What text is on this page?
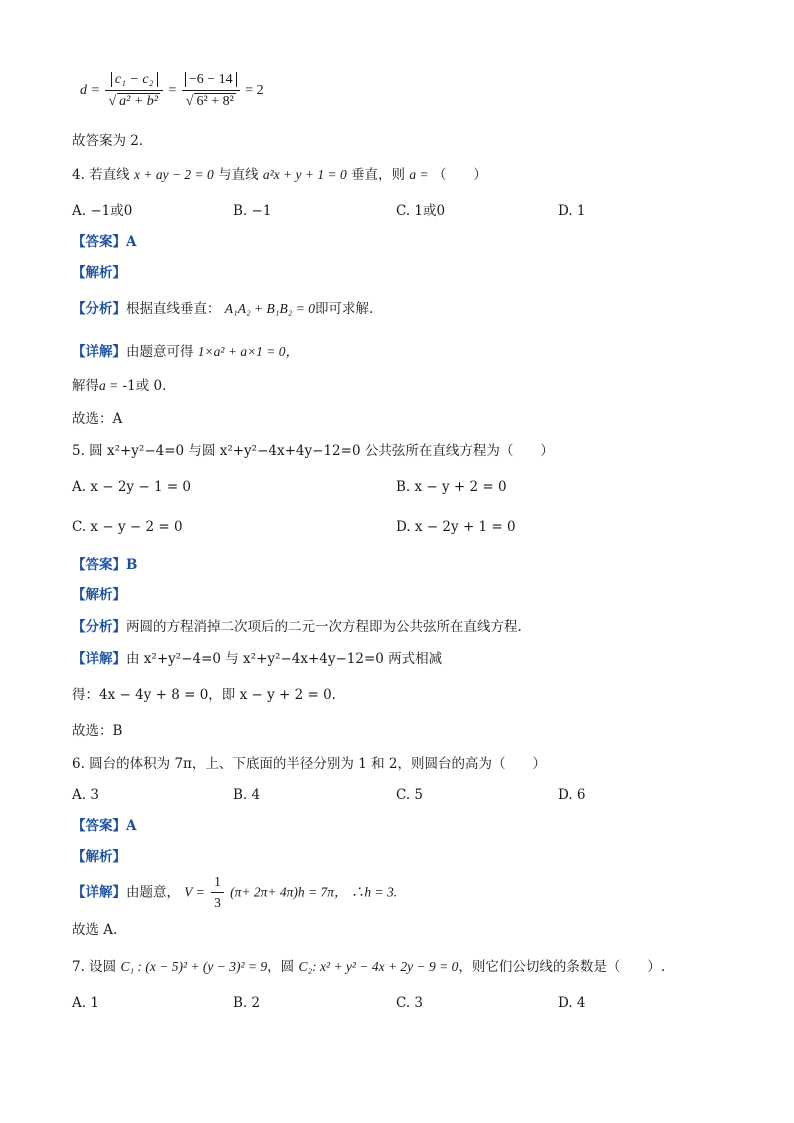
$d = \frac{\text{c₁ − c₂}}{\text{√ a² + b²}} = \frac{-6 - 14}{\text{√ 6² + 8²}} = 2$
故答案为 2．
4. 若直线 x + ay − 2 = 0 与直线 a²x + y + 1 = 0 垂直，则 a = （　　）
A. −1或0	B. −1	C. 1或0	D. 1
【答案】A
【解析】
【分析】根据直线垂直： A₁A₂ + B₁B₂ = 0即可求解.
【详解】由题意可得 1×a² + a×1 = 0，
解得a = -1或 0.
故选：A
5. 圆 x²+y²−4=0 与圆 x²+y²−4x+4y−12=0 公共弦所在直线方程为（　　）
A. x − 2y − 1 = 0	B. x − y + 2 = 0
C. x − y − 2 = 0	D. x − 2y + 1 = 0
【答案】B
【解析】
【分析】两圆的方程消掉二次项后的二元一次方程即为公共弦所在直线方程.
【详解】由 x²+y²−4=0 与 x²+y²−4x+4y−12=0 两式相减
得：4x − 4y + 8 = 0，即 x − y + 2 = 0.
故选：B
6. 圆台的体积为 7π，上、下底面的半径分别为 1 和 2，则圆台的高为（　　）
A. 3	B. 4	C. 5	D. 6
【答案】A
【解析】
【详解】由题意， $V = \frac{1}{3} (\pi+ 2\pi+ 4\pi)h = 7\pi$， ∴h = 3.
故选 A.
7. 设圆 C₁ : (x − 5)² + (y − 3)² = 9，圆 C₂: x² + y² − 4x + 2y − 9 = 0，则它们公切线的条数是（　　）.
A. 1	B. 2	C. 3	D. 4
